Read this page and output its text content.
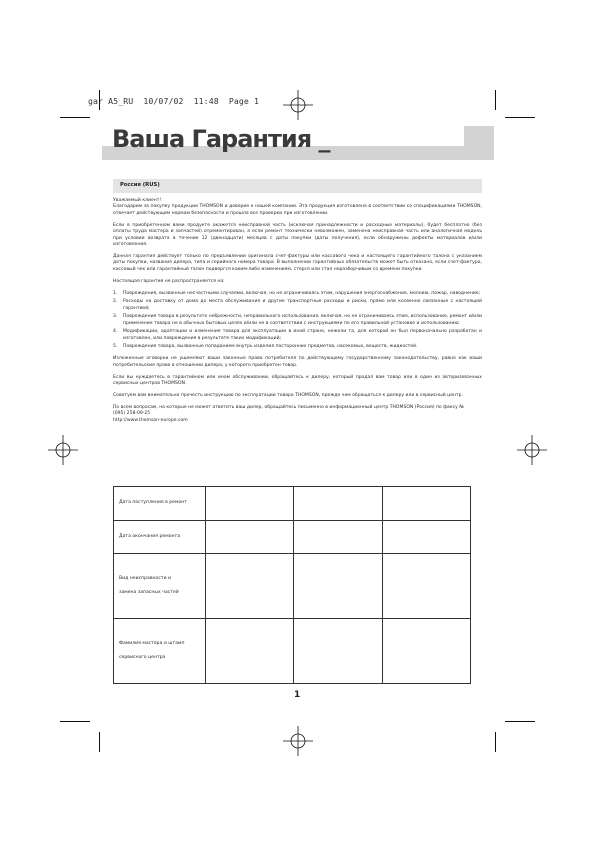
gar A5_RU 10/07/02 11:48 Page 1
Ваша Гарантия _
Россия (RUS)

Уважаемый клиент!
Благодарим за покупку продукции THOMSON и доверие к нашей компании. Эта продукция изготовлена в соответствии со спецификациями THOMSON, отвечает действующим нормам безопасности и прошла все проверки при изготовлении.

Если в приобретенном вами продукте окажется неисправной часть (исключая принадлежности и расходные материалы), будет бесплатно (без оплаты труда мастера и запчастей) отремонтирован, а если ремонт технически невозможен, заменена неисправная часть или аналогичная модель при условии возврата в течение 12 (двенадцати) месяцев с даты покупки (даты получения), если обнаружены дефекты материалов и/или изготовления.

Данная гарантия действует только по предъявлении оригинала счет-фактуры или кассового чека и настоящего гарантийного талона с указанием даты покупки, названия дилера, типа и серийного номера товара. В выполнении гарантийных обязательств может быть отказано, если счет-фактура, кассовый чек или гарантийный талон подвергся каким-либо изменениям, стерся или стал неразборчивым со времени покупки.

Настоящая гарантия не распространяется на:

1. Повреждения, вызванные несчастными случаями, включая, но не ограничиваясь этим, нарушения энергоснабжения, молнию, пожар, наводнение;
2. Расходы на доставку от дома до места обслуживания и другие транспортные расходы и риски, прямо или косвенно связанные с настоящей гарантией;
3. Повреждения товара в результате небрежности, неправильного использования, включая, но не ограничиваясь этим, использование, ремонт и/или применение товара не в обычных бытовых целях и/или не в соответствии с инструкциями по его правильной установке и использованию;
4. Модификации, адаптации и изменения товара для эксплуатации в иной стране, нежели та, для которой он был первоначально разработан и изготовлен, или повреждения в результате таких модификаций;
5. Повреждения товара, вызванные попаданием внутрь изделия посторонних предметов, насекомых, веществ, жидкостей.

Изложенные оговорки не ущемляют ваши законные права потребителя по действующему государственному законодательству, равно как ваши потребительские права в отношении дилера, у которого приобретен товар.

Если вы нуждаетесь в гарантийном или ином обслуживании, обращайтесь к дилеру, который продал вам товар или в один из авторизованных сервисных центров THOMSON.

Советуем вам внимательно прочесть инструкцию по эксплуатации товара THOMSON, прежде чем обращаться к дилеру или в сервисный центр.

По всем вопросам, на которые не может ответить ваш дилер, обращайтесь письменно в информационный центр THOMSON (Россия) по факсу №
(095) 258-09-25
http://www.thomson-europe.com

Дата поступления в ремонт			
Дата окончания ремонта			
Вид неисправности и
замена запасных частей			
Фамилия мастера и штамп
сервисного центра			
1
